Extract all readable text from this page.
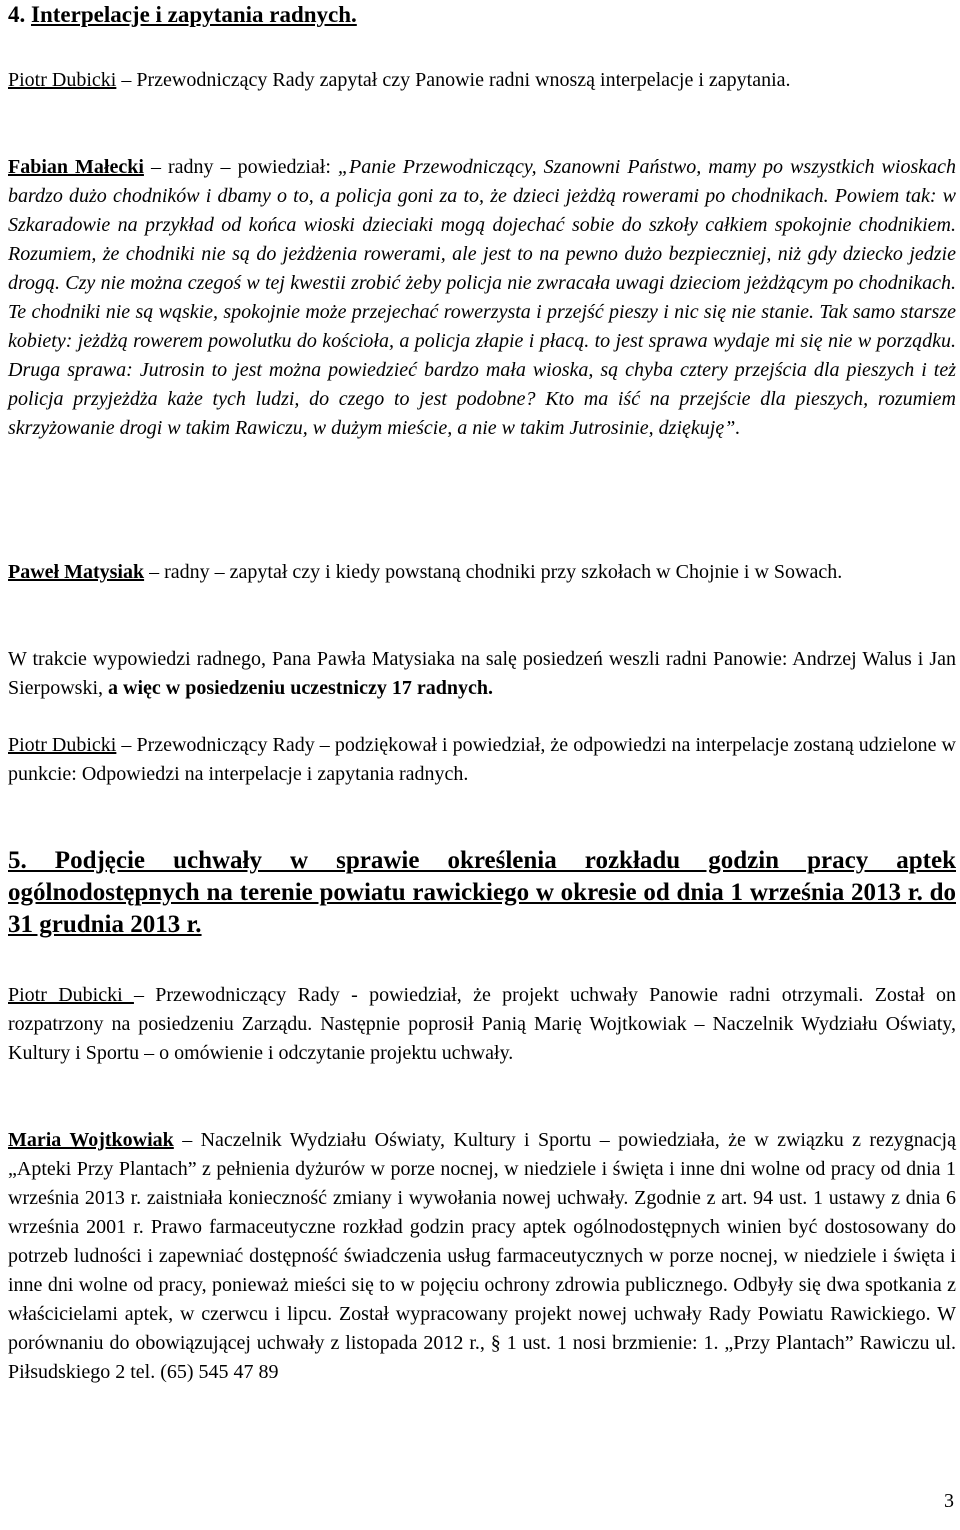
4. Interpelacje i zapytania radnych.
Piotr Dubicki – Przewodniczący Rady zapytał czy Panowie radni wnoszą interpelacje i zapytania.
Fabian Małecki – radny – powiedział: „Panie Przewodniczący, Szanowni Państwo, mamy po wszystkich wioskach bardzo dużo chodników i dbamy o to, a policja goni za to, że dzieci jeżdżą rowerami po chodnikach. Powiem tak: w Szkaradowie na przykład od końca wioski dzieciaki mogą dojechać sobie do szkoły całkiem spokojnie chodnikiem. Rozumiem, że chodniki nie są do jeżdżenia rowerami, ale jest to na pewno dużo bezpieczniej, niż gdy dziecko jedzie drogą. Czy nie można czegoś w tej kwestii zrobić żeby policja nie zwracała uwagi dzieciom jeżdżącym po chodnikach. Te chodniki nie są wąskie, spokojnie może przejechać rowerzysta i przejść pieszy i nic się nie stanie. Tak samo starsze kobiety: jeżdżą rowerem powolutku do kościoła, a policja złapie i płacą. to jest sprawa wydaje mi się nie w porządku. Druga sprawa: Jutrosin to jest można powiedzieć bardzo mała wioska, są chyba cztery przejścia dla pieszych i też policja przyjeżdża każe tych ludzi, do czego to jest podobne? Kto ma iść na przejście dla pieszych, rozumiem skrzyżowanie drogi w takim Rawiczu, w dużym mieście, a nie w takim Jutrosinie, dziękuję”.
Paweł Matysiak – radny – zapytał czy i kiedy powstaną chodniki przy szkołach w Chojnie i w Sowach.
W trakcie wypowiedzi radnego, Pana Pawła Matysiaka na salę posiedzeń weszli radni Panowie: Andrzej Walus i Jan Sierpowski, a więc w posiedzeniu uczestniczy 17 radnych.
Piotr Dubicki – Przewodniczący Rady – podziękował i powiedział, że odpowiedzi na interpelacje zostaną udzielone w punkcie: Odpowiedzi na interpelacje i zapytania radnych.
5. Podjęcie uchwały w sprawie określenia rozkładu godzin pracy aptek ogólnodostępnych na terenie powiatu rawickiego w okresie od dnia 1 września 2013 r. do 31 grudnia 2013 r.
Piotr Dubicki – Przewodniczący Rady - powiedział, że projekt uchwały Panowie radni otrzymali. Został on rozpatrzony na posiedzeniu Zarządu. Następnie poprosił Panią Marię Wojtkowiak – Naczelnik Wydziału Oświaty, Kultury i Sportu – o omówienie i odczytanie projektu uchwały.
Maria Wojtkowiak – Naczelnik Wydziału Oświaty, Kultury i Sportu – powiedziała, że w związku z rezygnacją „Apteki Przy Plantach” z pełnienia dyżurów w porze nocnej, w niedziele i święta i inne dni wolne od pracy od dnia 1 września 2013 r. zaistniała konieczność zmiany i wywołania nowej uchwały. Zgodnie z art. 94 ust. 1 ustawy z dnia 6 września 2001 r. Prawo farmaceutyczne rozkład godzin pracy aptek ogólnodostępnych winien być dostosowany do potrzeb ludności i zapewniać dostępność świadczenia usług farmaceutycznych w porze nocnej, w niedziele i święta i inne dni wolne od pracy, ponieważ mieści się to w pojęciu ochrony zdrowia publicznego. Odbyły się dwa spotkania z właścicielami aptek, w czerwcu i lipcu. Został wypracowany projekt nowej uchwały Rady Powiatu Rawickiego. W porównaniu do obowiązującej uchwały z listopada 2012 r., § 1 ust. 1 nosi brzmienie: 1. „Przy Plantach” Rawiczu ul. Piłsudskiego 2 tel. (65) 545 47 89
3
